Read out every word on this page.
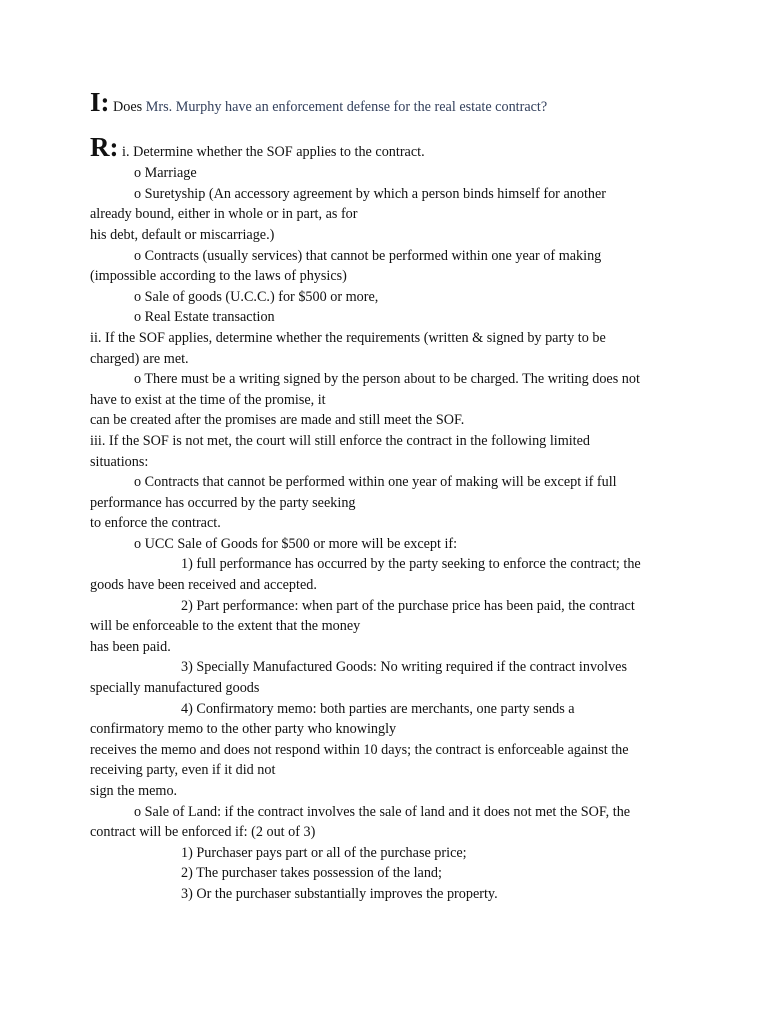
I: Does Mrs. Murphy have an enforcement defense for the real estate contract?
R: i. Determine whether the SOF applies to the contract.
o Marriage
o Suretyship (An accessory agreement by which a person binds himself for another
already bound, either in whole or in part, as for
his debt, default or miscarriage.)
o Contracts (usually services) that cannot be performed within one year of making
(impossible according to the laws of physics)
o Sale of goods (U.C.C.) for $500 or more,
o Real Estate transaction
ii. If the SOF applies, determine whether the requirements (written & signed by party to be
charged) are met.
o There must be a writing signed by the person about to be charged. The writing does not
have to exist at the time of the promise, it
can be created after the promises are made and still meet the SOF.
iii. If the SOF is not met, the court will still enforce the contract in the following limited
situations:
o Contracts that cannot be performed within one year of making will be except if full
performance has occurred by the party seeking
to enforce the contract.
o UCC Sale of Goods for $500 or more will be except if:
1) full performance has occurred by the party seeking to enforce the contract; the
goods have been received and accepted.
2) Part performance: when part of the purchase price has been paid, the contract
will be enforceable to the extent that the money
has been paid.
3) Specially Manufactured Goods: No writing required if the contract involves
specially manufactured goods
4) Confirmatory memo: both parties are merchants, one party sends a
confirmatory memo to the other party who knowingly
receives the memo and does not respond within 10 days; the contract is enforceable against the
receiving party, even if it did not
sign the memo.
o Sale of Land: if the contract involves the sale of land and it does not met the SOF, the
contract will be enforced if: (2 out of 3)
1) Purchaser pays part or all of the purchase price;
2) The purchaser takes possession of the land;
3) Or the purchaser substantially improves the property.
